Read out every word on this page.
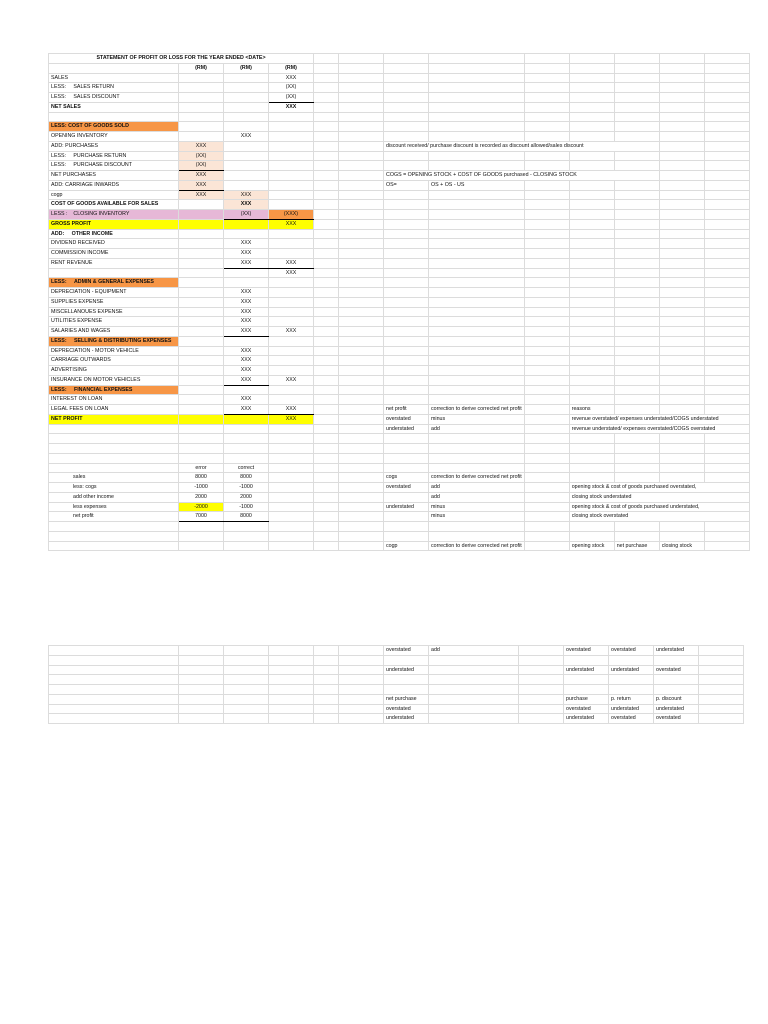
STATEMENT OF PROFIT OR LOSS FOR THE YEAR ENDED <DATE>												
	(RM)	(RM)	(RM)									
SALES			XXX									
LESS: SALES RETURN			(XX)									
LESS: SALES DISCOUNT			(XX)									
NET SALES			XXX									

LESS: COST OF GOODS SOLD												
OPENING INVENTORY		XXX										
ADD: PURCHASES	XXX					discount received/ purchase discount is recorded as discount allowed/sales discount						
LESS: PURCHASE RETURN	(XX)											
LESS: PURCHASE DISCOUNT	(XX)											
NET PURCHASES	XXX					COGS = OPENING STOCK + COST OF GOODS purchased - CLOSING STOCK						
ADD: CARRIAGE INWARDS	XXX					OS=	OS + OS - US					
cogp	XXX	XXX										
COST OF GOODS AVAILABLE FOR SALES		XXX										
LESS : CLOSING INVENTORY		(XX)	(XXX)									
GROSS PROFIT			XXX									
ADD: OTHER INCOME												
DIVIDEND RECEIVED		XXX										
COMMISSION INCOME		XXX										
RENT REVENUE		XXX	XXX									
			XXX									
LESS: ADMIN & GENERAL EXPENSES												
DEPRECIATION - EQUIPMENT		XXX										
SUPPLIES EXPENSE		XXX										
MISCELLANOUES EXPENSE		XXX										
UTILITIES EXPENSE		XXX										
SALARIES AND WAGES		XXX	XXX									
LESS: SELLING & DISTRIBUTING EXPENSES												
DEPRECIATION - MOTOR VEHICLE		XXX										
CARRIAGE OUTWARDS		XXX										
ADVERTISING		XXX										
INSURANCE ON MOTOR VEHICLES		XXX	XXX									
LESS: FINANCIAL EXPENSES												
INTEREST ON LOAN		XXX										
LEGAL FEES ON LOAN		XXX	XXX			net profit	correction to derive corrected net profit		reasons			
NET PROFIT			XXX			overstated	minus		revenue overstated/ expenses understated/COGS understated			
						understated	add		revenue understated/ expenses overstated/COGS overstated			

	error	correct										
sales	8000	8000				cogs	correction to derive corrected net profit					
less: cogs	-1000	-1000				overstated	add		opening stock & cost of goods purchased overstated,			
add other income	2000	2000					add		closing stock understated			
less expenses	-2000	-1000				understated	minus		opening stock & cost of goods purchased understated,			
net profit	7000	8000					minus		closing stock overstated			

						cogp	correction to derive corrected net profit		opening stock	net purchase	closing stock	
						overstated	add		overstated	overstated	understated	

						understated			understated	understated	overstated	

						net purchase			purchase	p. return	p. discount	
						overstated			overstated	understated	understated	
						understated			understated	overstated	overstated	
